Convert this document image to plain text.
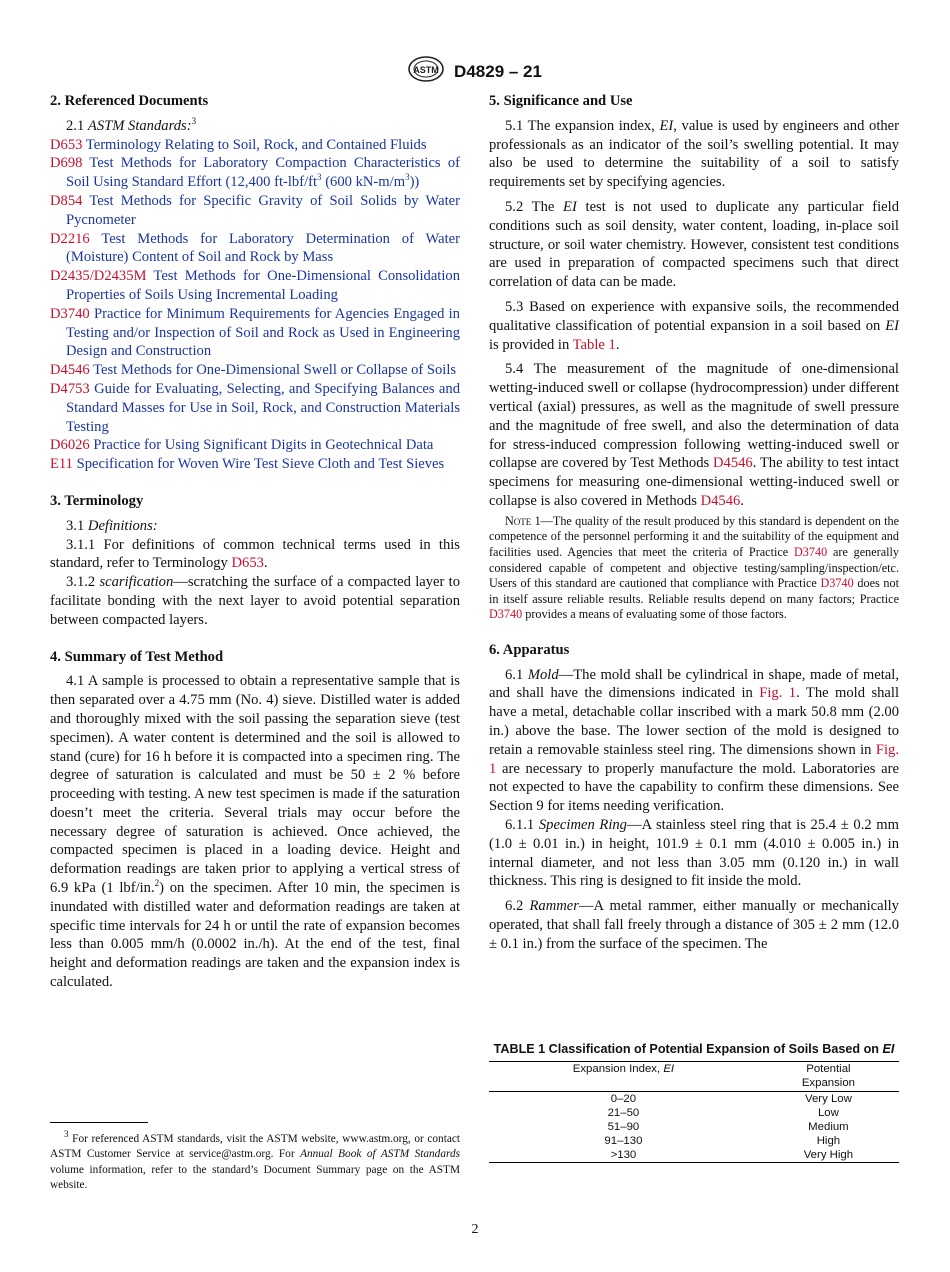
ASTM D4829 – 21
2. Referenced Documents

2.1 ASTM Standards:$^3$

D653 Terminology Relating to Soil, Rock, and Contained Fluids

D698 Test Methods for Laboratory Compaction Characteristics of Soil Using Standard Effort (12,400 $ft-lbf/ft^3$ (600 $kN-m/m^3$))

D854 Test Methods for Specific Gravity of Soil Solids by Water Pycnometer

D2216 Test Methods for Laboratory Determination of Water (Moisture) Content of Soil and Rock by Mass

D2435/D2435M Test Methods for One-Dimensional Consolidation Properties of Soils Using Incremental Loading

D3740 Practice for Minimum Requirements for Agencies Engaged in Testing and/or Inspection of Soil and Rock as Used in Engineering Design and Construction

D4546 Test Methods for One-Dimensional Swell or Collapse of Soils

D4753 Guide for Evaluating, Selecting, and Specifying Balances and Standard Masses for Use in Soil, Rock, and Construction Materials Testing

D6026 Practice for Using Significant Digits in Geotechnical Data

E11 Specification for Woven Wire Test Sieve Cloth and Test Sieves

3. Terminology

3.1 Definitions:

3.1.1 For definitions of common technical terms used in this standard, refer to Terminology D653.

3.1.2 scarification—scratching the surface of a compacted layer to facilitate bonding with the next layer to avoid potential separation between compacted layers.

4. Summary of Test Method

4.1 A sample is processed to obtain a representative sample that is then separated over a 4.75 mm (No. 4) sieve. Distilled water is added and thoroughly mixed with the soil passing the separation sieve (test specimen). A water content is determined and the soil is allowed to stand (cure) for 16 h before it is compacted into a specimen ring. The degree of saturation is calculated and must be 50 ± 2 % before proceeding with testing. A new test specimen is made if the saturation doesn’t meet the criteria. Several trials may occur before the necessary degree of saturation is achieved. Once achieved, the compacted specimen is placed in a loading device. Height and deformation readings are taken prior to applying a vertical stress of 6.9 kPa (1 lbf/in.$^2$) on the specimen. After 10 min, the specimen is inundated with distilled water and deformation readings are taken at specific time intervals for 24 h or until the rate of expansion becomes less than 0.005 mm/h (0.0002 in./h). At the end of the test, final height and deformation readings are taken and the expansion index is calculated.

$^3$ For referenced ASTM standards, visit the ASTM website, www.astm.org, or contact ASTM Customer Service at service@astm.org. For Annual Book of ASTM Standards volume information, refer to the standard’s Document Summary page on the ASTM website.
5. Significance and Use

5.1 The expansion index, EI, value is used by engineers and other professionals as an indicator of the soil’s swelling potential. It may also be used to determine the suitability of a soil to satisfy requirements set by specifying agencies.

5.2 The EI test is not used to duplicate any particular field conditions such as soil density, water content, loading, in-place soil structure, or soil water chemistry. However, consistent test conditions are used in preparation of compacted specimens such that direct correlation of data can be made.

5.3 Based on experience with expansive soils, the recommended qualitative classification of potential expansion in a soil based on EI is provided in Table 1.

5.4 The measurement of the magnitude of one-dimensional wetting-induced swell or collapse (hydrocompression) under different vertical (axial) pressures, as well as the magnitude of swell pressure and the magnitude of free swell, and also the determination of data for stress-induced compression following wetting-induced swell or collapse are covered by Test Methods D4546. The ability to test intact specimens for measuring one-dimensional wetting-induced swell or collapse is also covered in Methods D4546.

Note 1—The quality of the result produced by this standard is dependent on the competence of the personnel performing it and the suitability of the equipment and facilities used. Agencies that meet the criteria of Practice D3740 are generally considered capable of competent and objective testing/sampling/inspection/etc. Users of this standard are cautioned that compliance with Practice D3740 does not in itself assure reliable results. Reliable results depend on many factors; Practice D3740 provides a means of evaluating some of those factors.

6. Apparatus

6.1 Mold—The mold shall be cylindrical in shape, made of metal, and shall have the dimensions indicated in Fig. 1. The mold shall have a metal, detachable collar inscribed with a mark 50.8 mm (2.00 in.) above the base. The lower section of the mold is designed to retain a removable stainless steel ring. The dimensions shown in Fig. 1 are necessary to properly manufacture the mold. Laboratories are not expected to have the capability to confirm these dimensions. See Section 9 for items needing verification.

6.1.1 Specimen Ring—A stainless steel ring that is 25.4 ± 0.2 mm (1.0 ± 0.01 in.) in height, 101.9 ± 0.1 mm (4.010 ± 0.005 in.) in internal diameter, and not less than 3.05 mm (0.120 in.) in wall thickness. This ring is designed to fit inside the mold.

6.2 Rammer—A metal rammer, either manually or mechanically operated, that shall fall freely through a distance of 305 ± 2 mm (12.0 ± 0.1 in.) from the surface of the specimen. The

TABLE 1 Classification of Potential Expansion of Soils Based on EI
Expansion Index, EI	Potential
Expansion
0–20	Very Low
21–50	Low
51–90	Medium
91–130	High
>130	Very High
2
